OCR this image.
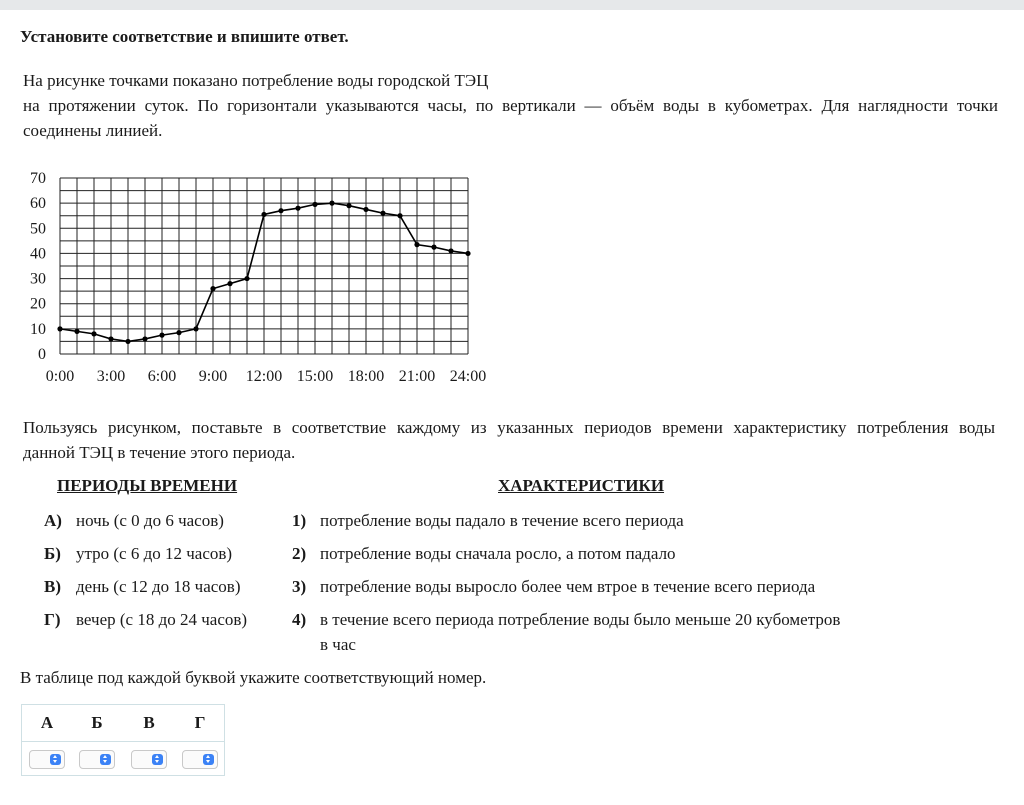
Установите соответствие и впишите ответ.
На рисунке точками показано потребление воды городской ТЭЦ
на протяжении суток. По горизонтали указываются часы, по вертикали — объём воды в кубометрах. Для наглядности точки
соединены линией.
0
10
20
30
40
50
60
70
0:00 3:00 6:00 9:00 12:00 15:00 18:00 21:00 24:00
Пользуясь рисунком, поставьте в соответствие каждому из указанных периодов времени характеристику потребления воды
данной ТЭЦ в течение этого периода.
ПЕРИОДЫ ВРЕМЕНИ	ХАРАКТЕРИСТИКИ
А) ночь (с 0 до 6 часов)
Б) утро (с 6 до 12 часов)
В) день (с 12 до 18 часов)
Г) вечер (с 18 до 24 часов)
1) потребление воды падало в течение всего периода
2) потребление воды сначала росло, а потом падало
3) потребление воды выросло более чем втрое в течение всего периода
4) в течение всего периода потребление воды было меньше 20 кубометров
в час
В таблице под каждой буквой укажите соответствующий номер.
А	Б	В	Г
